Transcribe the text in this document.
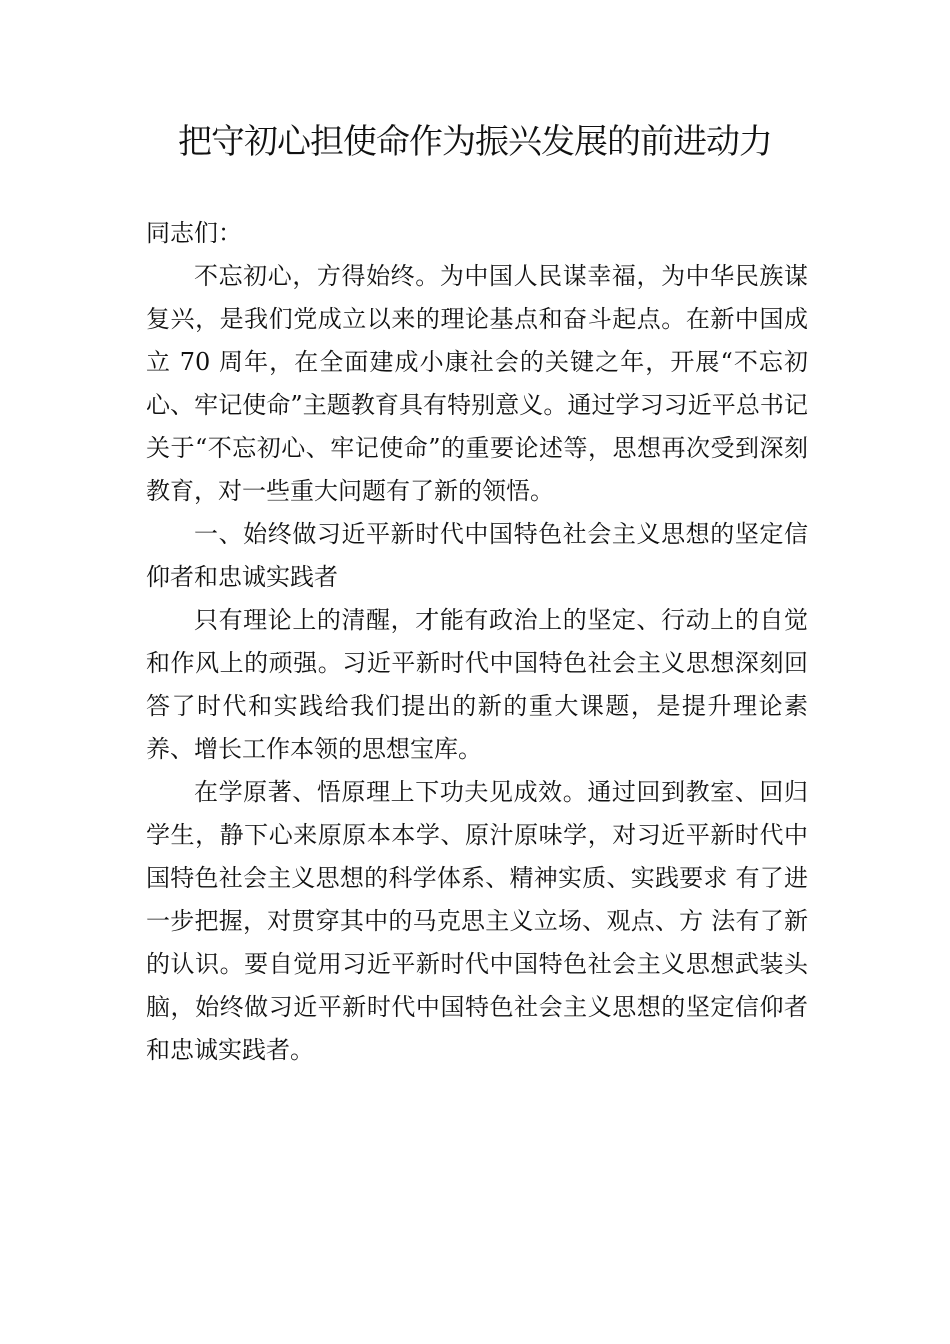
把守初心担使命作为振兴发展的前进动力

同志们：

不忘初心，方得始终。为中国人民谋幸福，为中华民族谋复兴，是我们党成立以来的理论基点和奋斗起点。在新中国成立 70 周年，在全面建成小康社会的关键之年，开展“不忘初心、牢记使命”主题教育具有特别意义。通过学习习近平总书记关于“不忘初心、牢记使命”的重要论述等，思想再次受到深刻教育，对一些重大问题有了新的领悟。

一、始终做习近平新时代中国特色社会主义思想的坚定信仰者和忠诚实践者

只有理论上的清醒，才能有政治上的坚定、行动上的自觉和作风上的顽强。习近平新时代中国特色社会主义思想深刻回答了时代和实践给我们提出的新的重大课题，是提升理论素养、增长工作本领的思想宝库。

在学原著、悟原理上下功夫见成效。通过回到教室、回归学生，静下心来原原本本学、原汁原味学，对习近平新时代中国特色社会主义思想的科学体系、精神实质、实践要求 有了进一步把握，对贯穿其中的马克思主义立场、观点、方 法有了新的认识。要自觉用习近平新时代中国特色社会主义思想武装头脑，始终做习近平新时代中国特色社会主义思想的坚定信仰者和忠诚实践者。
